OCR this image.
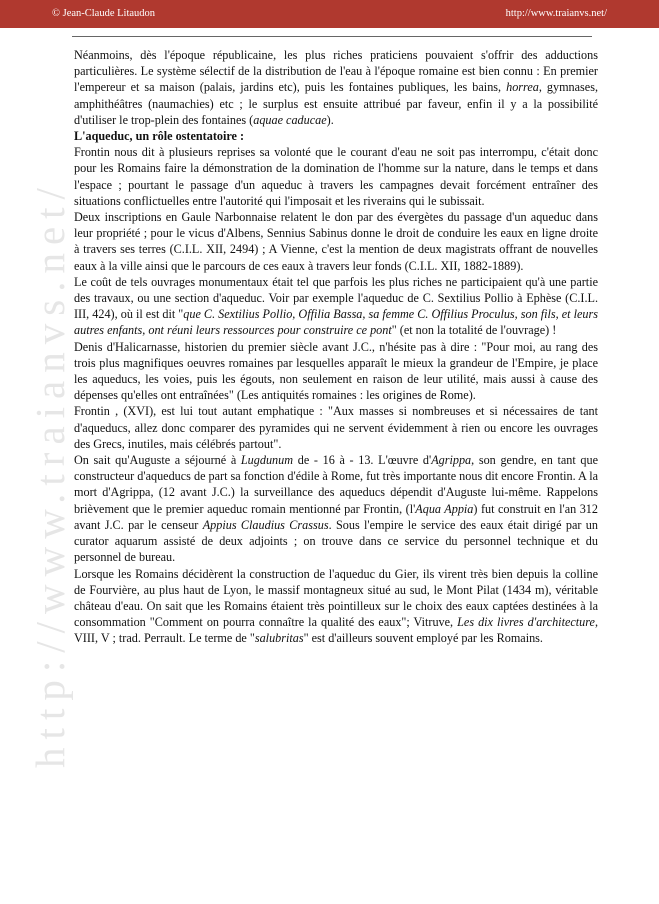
© Jean-Claude Litaudon	http://www.traianvs.net/
http://www.traianvs.net/

Néanmoins, dès l'époque républicaine, les plus riches praticiens pouvaient s'offrir des adductions particulières. Le système sélectif de la distribution de l'eau à l'époque romaine est bien connu : En premier l'empereur et sa maison (palais, jardins etc), puis les fontaines publiques, les bains, horrea, gymnases, amphithéâtres (naumachies) etc ; le surplus est ensuite attribué par faveur, enfin il y a la possibilité d'utiliser le trop-plein des fontaines (aquae caducae).

L'aqueduc, un rôle ostentatoire :

Frontin nous dit à plusieurs reprises sa volonté que le courant d'eau ne soit pas interrompu, c'était donc pour les Romains faire la démonstration de la domination de l'homme sur la nature, dans le temps et dans l'espace ; pourtant le passage d'un aqueduc à travers les campagnes devait forcément entraîner des situations conflictuelles entre l'autorité qui l'imposait et les riverains qui le subissait.

Deux inscriptions en Gaule Narbonnaise relatent le don par des évergètes du passage d'un aqueduc dans leur propriété ; pour le vicus d'Albens, Sennius Sabinus donne le droit de conduire les eaux en ligne droite à travers ses terres (C.I.L. XII, 2494) ; A Vienne, c'est la mention de deux magistrats offrant de nouvelles eaux à la ville ainsi que le parcours de ces eaux à travers leur fonds (C.I.L. XII, 1882-1889).

Le coût de tels ouvrages monumentaux était tel que parfois les plus riches ne participaient qu'à une partie des travaux, ou une section d'aqueduc. Voir par exemple l'aqueduc de C. Sextilius Pollio à Ephèse (C.I.L. III, 424), où il est dit "que C. Sextilius Pollio, Offilia Bassa, sa femme C. Offilius Proculus, son fils, et leurs autres enfants, ont réuni leurs ressources pour construire ce pont" (et non la totalité de l'ouvrage) !

Denis d'Halicarnasse, historien du premier siècle avant J.C., n'hésite pas à dire : "Pour moi, au rang des trois plus magnifiques oeuvres romaines par lesquelles apparaît le mieux la grandeur de l'Empire, je place les aqueducs, les voies, puis les égouts, non seulement en raison de leur utilité, mais aussi à cause des dépenses qu'elles ont entraînées" (Les antiquités romaines : les origines de Rome).

Frontin , (XVI), est lui tout autant emphatique : "Aux masses si nombreuses et si nécessaires de tant d'aqueducs, allez donc comparer des pyramides qui ne servent évidemment à rien ou encore les ouvrages des Grecs, inutiles, mais célébrés partout".

On sait qu'Auguste a séjourné à Lugdunum de - 16 à - 13. L'œuvre d'Agrippa, son gendre, en tant que constructeur d'aqueducs de part sa fonction d'édile à Rome, fut très importante nous dit encore Frontin. A la mort d'Agrippa, (12 avant J.C.) la surveillance des aqueducs dépendit d'Auguste lui-même. Rappelons brièvement que le premier aqueduc romain mentionné par Frontin, (l'Aqua Appia) fut construit en l'an 312 avant J.C. par le censeur Appius Claudius Crassus. Sous l'empire le service des eaux était dirigé par un curator aquarum assisté de deux adjoints ; on trouve dans ce service du personnel technique et du personnel de bureau.

Lorsque les Romains décidèrent la construction de l'aqueduc du Gier, ils virent très bien depuis la colline de Fourvière, au plus haut de Lyon, le massif montagneux situé au sud, le Mont Pilat (1434 m), véritable château d'eau. On sait que les Romains étaient très pointilleux sur le choix des eaux captées destinées à la consommation "Comment on pourra connaître la qualité des eaux"; Vitruve, Les dix livres d'architecture, VIII, V ; trad. Perrault. Le terme de "salubritas" est d'ailleurs souvent employé par les Romains.
